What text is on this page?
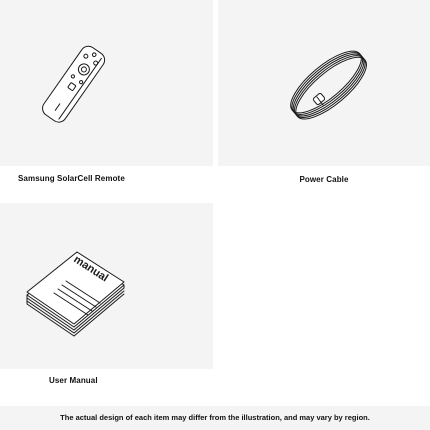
manual
Samsung SolarCell Remote	Power Cable
User Manual
The actual design of each item may differ from the illustration, and may vary by region.
